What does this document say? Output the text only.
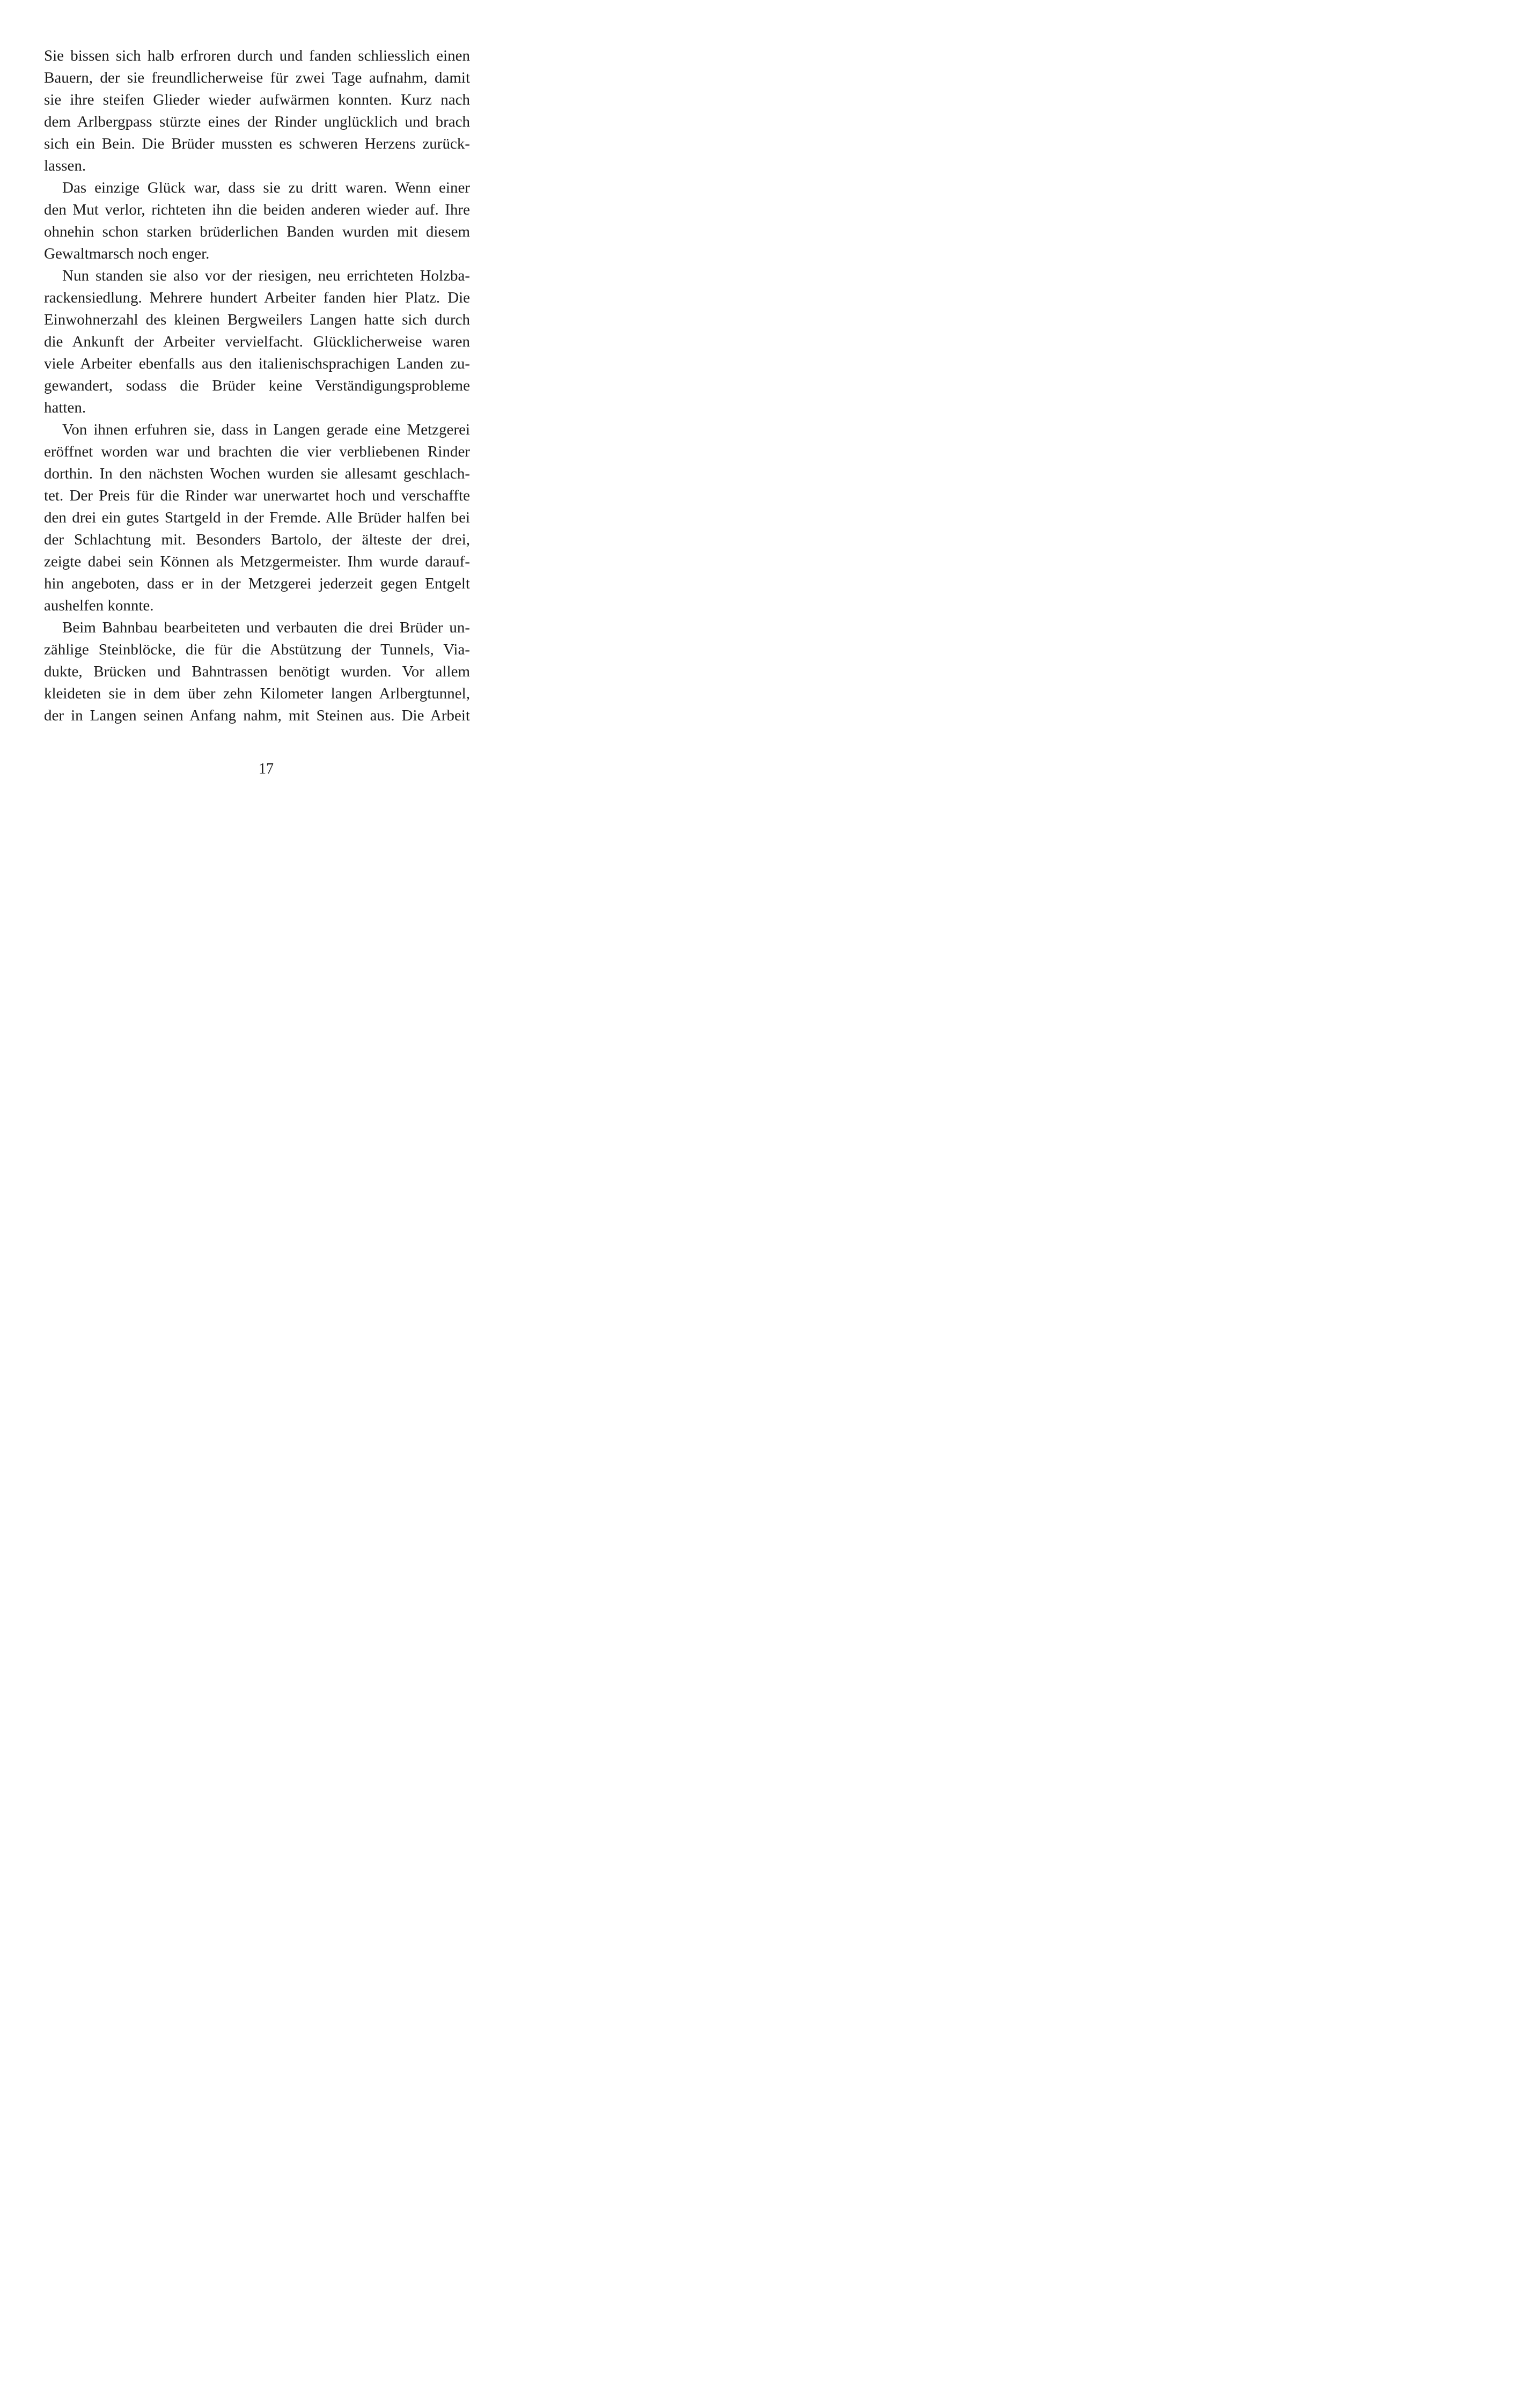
Sie bissen sich halb erfroren durch und fanden schliesslich einen
Bauern, der sie freundlicherweise für zwei Tage aufnahm, damit
sie ihre steifen Glieder wieder aufwärmen konnten. Kurz nach
dem Arlbergpass stürzte eines der Rinder unglücklich und brach
sich ein Bein. Die Brüder mussten es schweren Herzens zurück-
lassen.
Das einzige Glück war, dass sie zu dritt waren. Wenn einer
den Mut verlor, richteten ihn die beiden anderen wieder auf. Ihre
ohnehin schon starken brüderlichen Banden wurden mit diesem
Gewaltmarsch noch enger.
Nun standen sie also vor der riesigen, neu errichteten Holzba-
rackensiedlung. Mehrere hundert Arbeiter fanden hier Platz. Die
Einwohnerzahl des kleinen Bergweilers Langen hatte sich durch
die Ankunft der Arbeiter vervielfacht. Glücklicherweise waren
viele Arbeiter ebenfalls aus den italienischsprachigen Landen zu-
gewandert, sodass die Brüder keine Verständigungsprobleme
hatten.
Von ihnen erfuhren sie, dass in Langen gerade eine Metzgerei
eröffnet worden war und brachten die vier verbliebenen Rinder
dorthin. In den nächsten Wochen wurden sie allesamt geschlach-
tet. Der Preis für die Rinder war unerwartet hoch und verschaffte
den drei ein gutes Startgeld in der Fremde. Alle Brüder halfen bei
der Schlachtung mit. Besonders Bartolo, der älteste der drei,
zeigte dabei sein Können als Metzgermeister. Ihm wurde darauf-
hin angeboten, dass er in der Metzgerei jederzeit gegen Entgelt
aushelfen konnte.
Beim Bahnbau bearbeiteten und verbauten die drei Brüder un-
zählige Steinblöcke, die für die Abstützung der Tunnels, Via-
dukte, Brücken und Bahntrassen benötigt wurden. Vor allem
kleideten sie in dem über zehn Kilometer langen Arlbergtunnel,
der in Langen seinen Anfang nahm, mit Steinen aus. Die Arbeit
17
